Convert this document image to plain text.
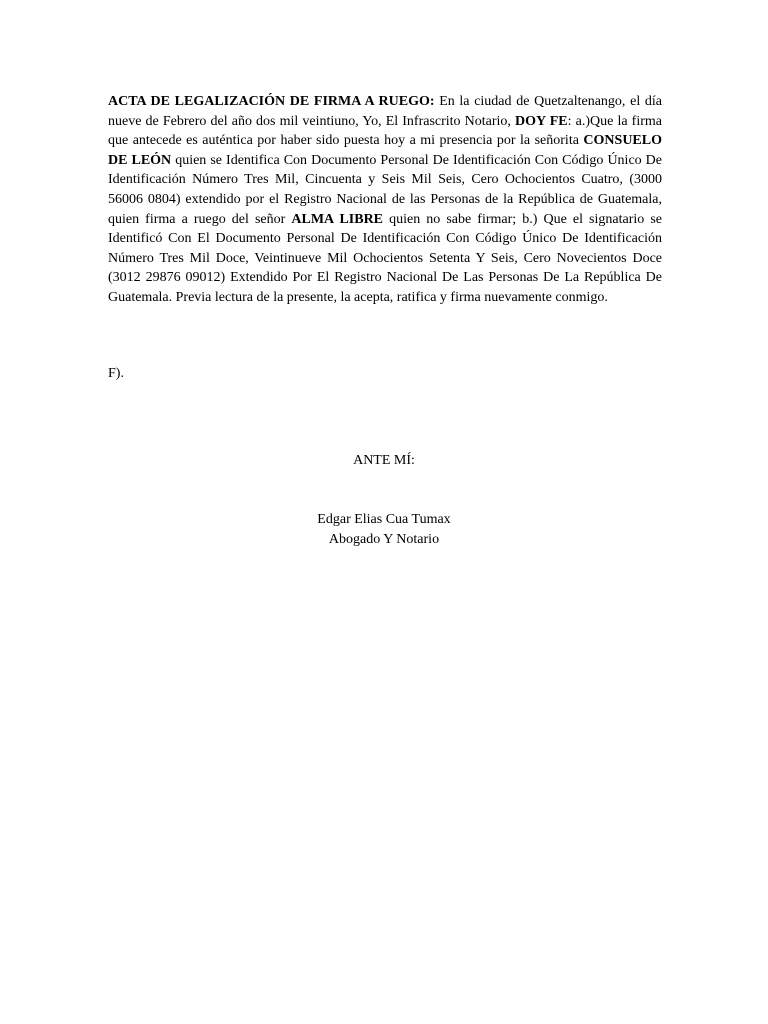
ACTA DE LEGALIZACIÓN DE FIRMA A RUEGO: En la ciudad de Quetzaltenango, el día nueve de Febrero del año dos mil veintiuno, Yo, El Infrascrito Notario, DOY FE: a.)Que la firma que antecede es auténtica por haber sido puesta hoy a mi presencia por la señorita CONSUELO DE LEÓN quien se Identifica Con Documento Personal De Identificación Con Código Único De Identificación Número Tres Mil, Cincuenta y Seis Mil Seis, Cero Ochocientos Cuatro, (3000 56006 0804) extendido por el Registro Nacional de las Personas de la República de Guatemala, quien firma a ruego del señor ALMA LIBRE quien no sabe firmar; b.) Que el signatario se Identificó Con El Documento Personal De Identificación Con Código Único De Identificación Número Tres Mil Doce, Veintinueve Mil Ochocientos Setenta Y Seis, Cero Novecientos Doce (3012 29876 09012) Extendido Por El Registro Nacional De Las Personas De La República De Guatemala. Previa lectura de la presente, la acepta, ratifica y firma nuevamente conmigo.

F).

ANTE MÍ:

Edgar Elias Cua Tumax
Abogado Y Notario
